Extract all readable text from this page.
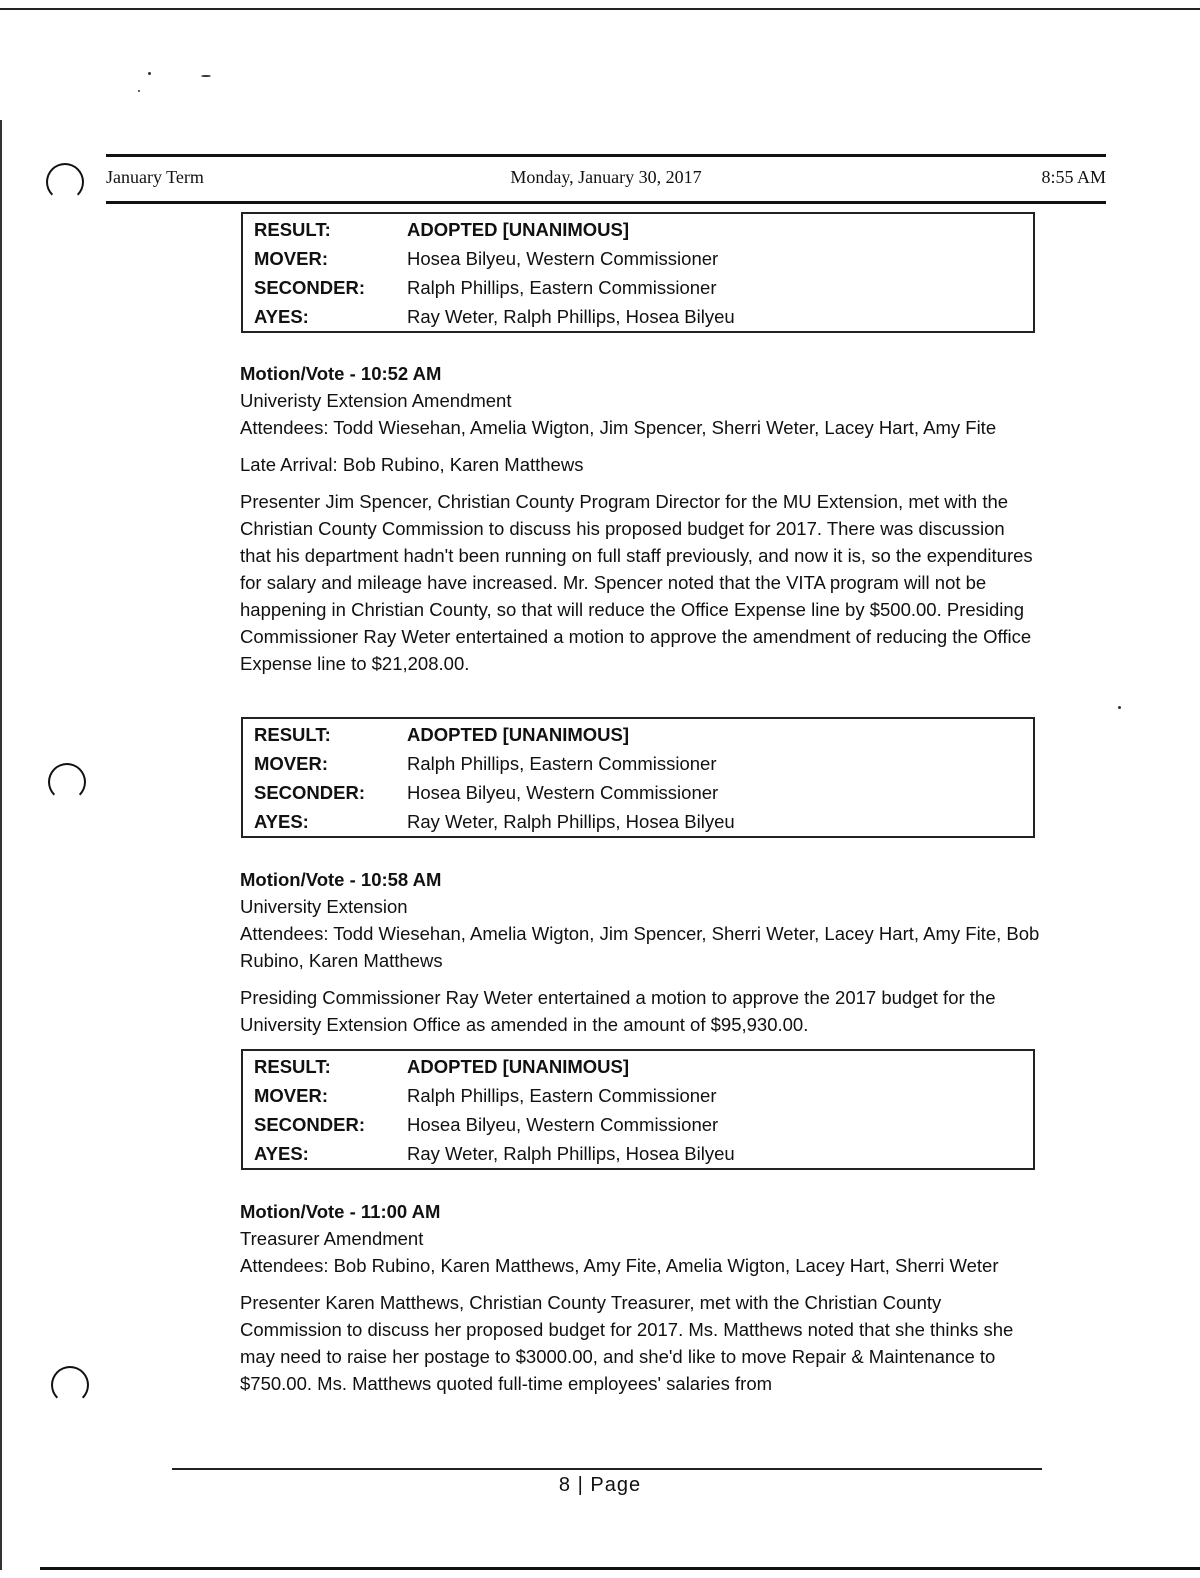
January Term	Monday, January 30, 2017	8:55 AM
RESULT:	ADOPTED [UNANIMOUS]
MOVER:	Hosea Bilyeu, Western Commissioner
SECONDER:	Ralph Phillips, Eastern Commissioner
AYES:	Ray Weter, Ralph Phillips, Hosea Bilyeu

Motion/Vote - 10:52 AM

Univeristy Extension Amendment

Attendees: Todd Wiesehan, Amelia Wigton, Jim Spencer, Sherri Weter, Lacey Hart, Amy Fite

Late Arrival: Bob Rubino, Karen Matthews

Presenter Jim Spencer, Christian County Program Director for the MU Extension, met with the Christian County Commission to discuss his proposed budget for 2017. There was discussion that his department hadn't been running on full staff previously, and now it is, so the expenditures for salary and mileage have increased. Mr. Spencer noted that the VITA program will not be happening in Christian County, so that will reduce the Office Expense line by $500.00. Presiding Commissioner Ray Weter entertained a motion to approve the amendment of reducing the Office Expense line to $21,208.00.

RESULT:	ADOPTED [UNANIMOUS]
MOVER:	Ralph Phillips, Eastern Commissioner
SECONDER:	Hosea Bilyeu, Western Commissioner
AYES:	Ray Weter, Ralph Phillips, Hosea Bilyeu

Motion/Vote - 10:58 AM

University Extension

Attendees: Todd Wiesehan, Amelia Wigton, Jim Spencer, Sherri Weter, Lacey Hart, Amy Fite, Bob Rubino, Karen Matthews

Presiding Commissioner Ray Weter entertained a motion to approve the 2017 budget for the University Extension Office as amended in the amount of $95,930.00.

RESULT:	ADOPTED [UNANIMOUS]
MOVER:	Ralph Phillips, Eastern Commissioner
SECONDER:	Hosea Bilyeu, Western Commissioner
AYES:	Ray Weter, Ralph Phillips, Hosea Bilyeu

Motion/Vote - 11:00 AM

Treasurer Amendment

Attendees: Bob Rubino, Karen Matthews, Amy Fite, Amelia Wigton, Lacey Hart, Sherri Weter

Presenter Karen Matthews, Christian County Treasurer, met with the Christian County Commission to discuss her proposed budget for 2017. Ms. Matthews noted that she thinks she may need to raise her postage to $3000.00, and she'd like to move Repair & Maintenance to $750.00. Ms. Matthews quoted full-time employees' salaries from

8 | Page
